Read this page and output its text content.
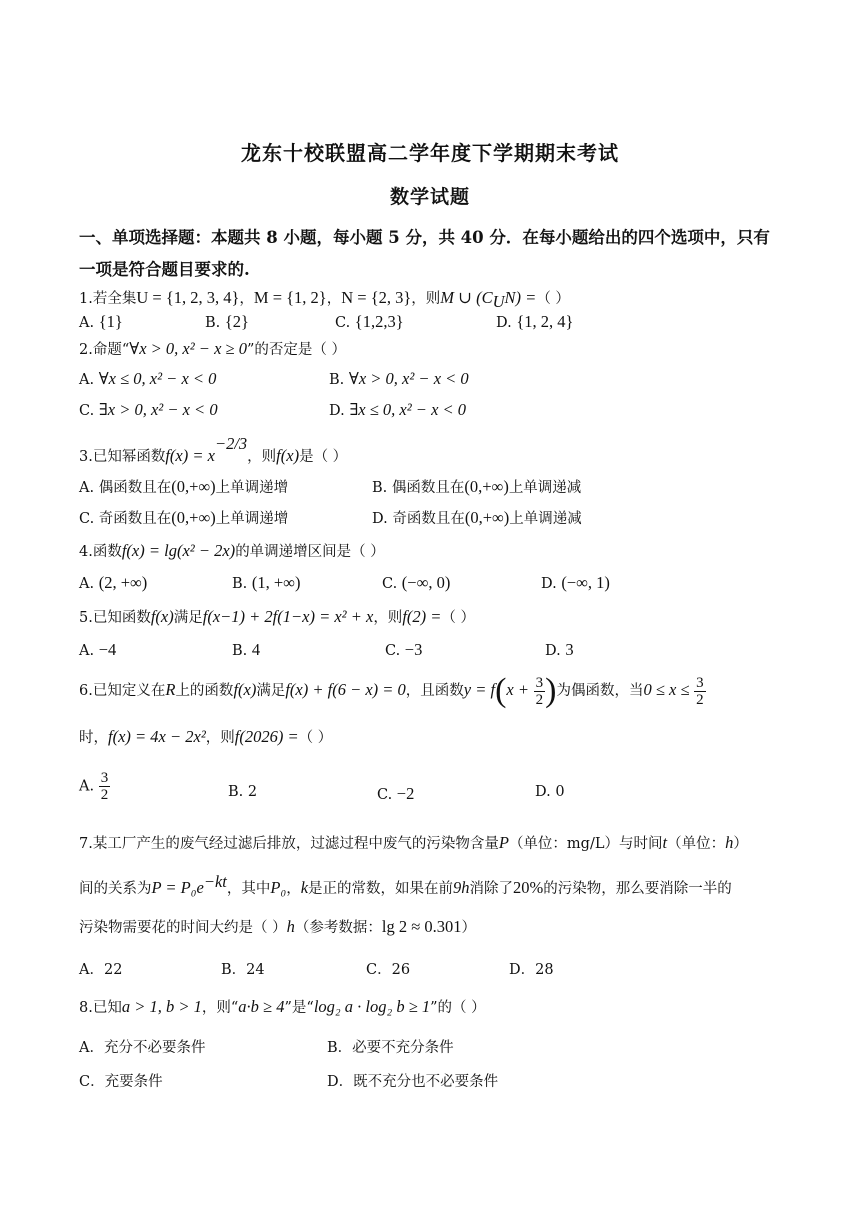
龙东十校联盟高二学年度下学期期末考试
数学试题
一、单项选择题：本题共 8 小题，每小题 5 分，共 40 分．在每小题给出的四个选项中，只有一项是符合题目要求的.
1.若全集U = {1, 2, 3, 4}，M = {1, 2}，N = {2, 3}，则M ∪ $(C_UN)$ =（ ）
A. {1}	B. {2}	C. {1,2,3}	D. {1, 2, 4}
2.命题“∀x > 0, x² − x ≥ 0”的否定是（ ）
A. ∀x ≤ 0, x² − x < 0	B. ∀x > 0, x² − x < 0
C. ∃x > 0, x² − x < 0	D. ∃x ≤ 0, x² − x < 0
3.已知幂函数$f(x) = x^{-2/3}$，则f(x)是（ ）
A. 偶函数且在(0,+∞)上单调递增	B. 偶函数且在(0,+∞)上单调递减
C. 奇函数且在(0,+∞)上单调递增	D. 奇函数且在(0,+∞)上单调递减
4.函数f(x) = lg(x² − 2x)的单调递增区间是（ ）
A. (2, +∞)	B. (1, +∞)	C. (−∞, 0)	D. (−∞, 1)
5.已知函数f(x)满足f(x−1) + 2f(1−x) = x² + x，则f(2) =（ ）
A. −4	B. 4	C. −3	D. 3
6.已知定义在R上的函数f(x)满足f(x) + f(6 − x) = 0，且函数$y = f(x + \frac{3}{2}$ )为偶函数，当$0 \le x \le \frac{3}{2}$
时，f(x) = 4x − 2x²，则f(2026) =（ ）
A. $\frac{3}{2}$	B. 2	C. −2	D. 0
7.某工厂产生的废气经过滤后排放，过滤过程中废气的污染物含量P（单位：mg/L）与时间t（单位：h）
间的关系为$P = P_0e^{-kt}$，其中P₀，k是正的常数，如果在前9h消除了20%的污染物，那么要消除一半的
污染物需要花的时间大约是（ ）h（参考数据：lg 2 ≈ 0.301）
A．22	B．24	C．26	D．28
8.已知a > 1, b > 1，则“a·b ≥ 4”是“log₂ a · log₂ b ≥ 1”的（ ）
A．充分不必要条件	B．必要不充分条件
C．充要条件	D．既不充分也不必要条件
